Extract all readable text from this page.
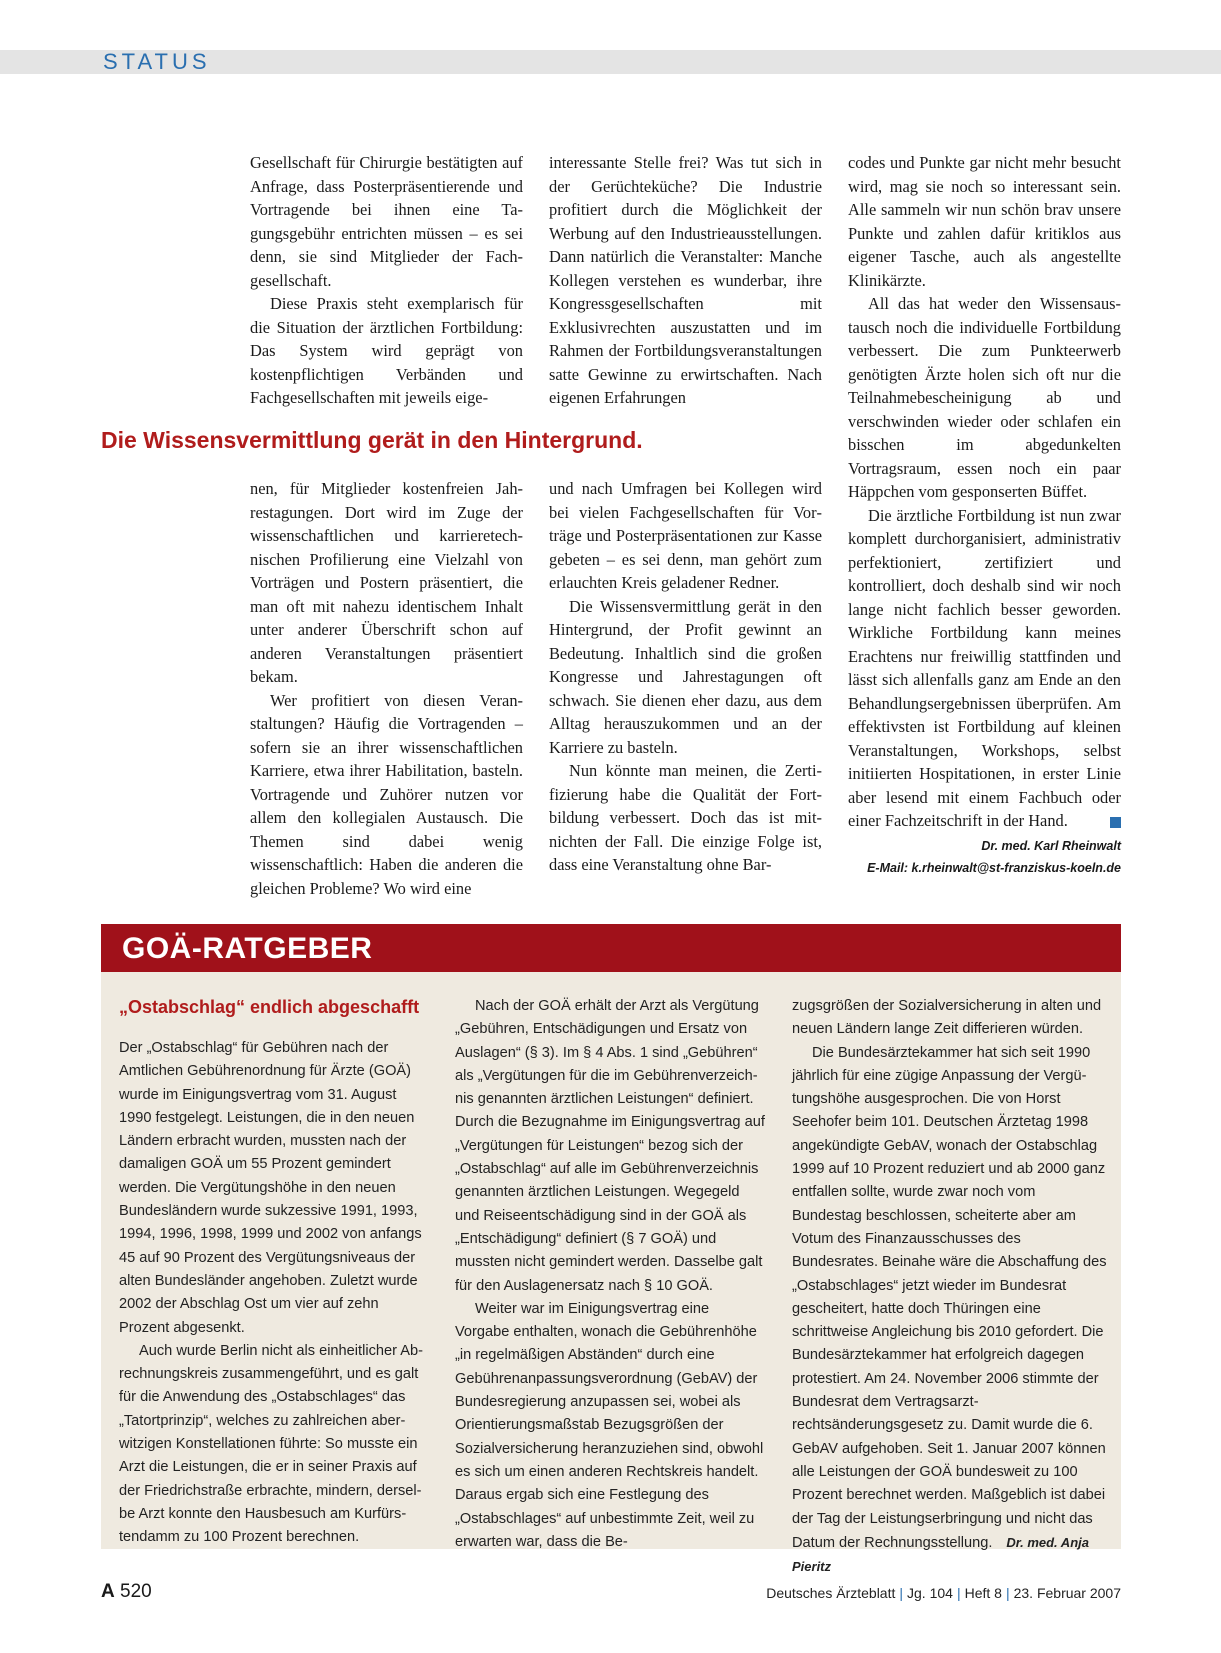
STATUS

Gesellschaft für Chirurgie bestätigten auf Anfrage, dass Posterpräsentierende und Vortragende bei ihnen eine Tagungsgebühr entrichten müssen – es sei denn, sie sind Mitglieder der Fachgesellschaft.

Diese Praxis steht exemplarisch für die Situation der ärztlichen Fortbildung: Das System wird geprägt von kostenpflichtigen Verbänden und Fachgesellschaften mit jeweils eige-

interessante Stelle frei? Was tut sich in der Gerüchteküche? Die Industrie profitiert durch die Möglichkeit der Werbung auf den Industrieausstellungen. Dann natürlich die Veranstalter: Manche Kollegen verstehen es wunderbar, ihre Kongressgesellschaften mit Exklusivrechten auszustatten und im Rahmen der Fortbildungsveranstaltungen satte Gewinne zu erwirtschaften. Nach eigenen Erfahrungen

Die Wissensvermittlung gerät in den Hintergrund.

nen, für Mitglieder kostenfreien Jahrestagungen. Dort wird im Zuge der wissenschaftlichen und karrieretechnischen Profilierung eine Vielzahl von Vorträgen und Postern präsentiert, die man oft mit nahezu identischem Inhalt unter anderer Überschrift schon auf anderen Veranstaltungen präsentiert bekam.

Wer profitiert von diesen Veranstaltungen? Häufig die Vortragenden – sofern sie an ihrer wissenschaftlichen Karriere, etwa ihrer Habilitation, basteln. Vortragende und Zuhörer nutzen vor allem den kollegialen Austausch. Die Themen sind dabei wenig wissenschaftlich: Haben die anderen die gleichen Probleme? Wo wird eine

und nach Umfragen bei Kollegen wird bei vielen Fachgesellschaften für Vorträge und Posterpräsentationen zur Kasse gebeten – es sei denn, man gehört zum erlauchten Kreis geladener Redner.

Die Wissensvermittlung gerät in den Hintergrund, der Profit gewinnt an Bedeutung. Inhaltlich sind die großen Kongresse und Jahrestagungen oft schwach. Sie dienen eher dazu, aus dem Alltag herauszukommen und an der Karriere zu basteln.

Nun könnte man meinen, die Zertifizierung habe die Qualität der Fortbildung verbessert. Doch das ist mitnichten der Fall. Die einzige Folge ist, dass eine Veranstaltung ohne Bar-

codes und Punkte gar nicht mehr besucht wird, mag sie noch so interessant sein. Alle sammeln wir nun schön brav unsere Punkte und zahlen dafür kritiklos aus eigener Tasche, auch als angestellte Klinikärzte.

All das hat weder den Wissensaustausch noch die individuelle Fortbildung verbessert. Die zum Punkteerwerb genötigten Ärzte holen sich oft nur die Teilnahmebescheinigung ab und verschwinden wieder oder schlafen ein bisschen im abgedunkelten Vortragsraum, essen noch ein paar Häppchen vom gesponserten Büffet.

Die ärztliche Fortbildung ist nun zwar komplett durchorganisiert, administrativ perfektioniert, zertifiziert und kontrolliert, doch deshalb sind wir noch lange nicht fachlich besser geworden. Wirkliche Fortbildung kann meines Erachtens nur freiwillig stattfinden und lässt sich allenfalls ganz am Ende an den Behandlungsergebnissen überprüfen. Am effektivsten ist Fortbildung auf kleinen Veranstaltungen, Workshops, selbst initiierten Hospitationen, in erster Linie aber lesend mit einem Fachbuch oder einer Fachzeitschrift in der Hand.

Dr. med. Karl Rheinwalt
E-Mail: k.rheinwalt@st-franziskus-koeln.de
GOÄ-RATGEBER

„Ostabschlag“ endlich abgeschafft

Der „Ostabschlag“ für Gebühren nach der Amtlichen Gebührenordnung für Ärzte (GOÄ) wurde im Einigungsvertrag vom 31. August 1990 festgelegt. Leistungen, die in den neuen Ländern erbracht wurden, mussten nach der damaligen GOÄ um 55 Prozent gemindert werden. Die Vergütungshöhe in den neuen Bundesländern wurde sukzessive 1991, 1993, 1994, 1996, 1998, 1999 und 2002 von anfangs 45 auf 90 Prozent des Vergütungsniveaus der alten Bundesländer angehoben. Zuletzt wurde 2002 der Abschlag Ost um vier auf zehn Prozent abgesenkt.

Auch wurde Berlin nicht als einheitlicher Abrechnungskreis zusammengeführt, und es galt für die Anwendung des „Ostabschlages“ das „Tatortprinzip“, welches zu zahlreichen aberwitzigen Konstellationen führte: So musste ein Arzt die Leistungen, die er in seiner Praxis auf der Friedrichstraße erbrachte, mindern, derselbe Arzt konnte den Hausbesuch am Kurfürstendamm zu 100 Prozent berechnen.

Nach der GOÄ erhält der Arzt als Vergütung „Gebühren, Entschädigungen und Ersatz von Auslagen“ (§ 3). Im § 4 Abs. 1 sind „Gebühren“ als „Vergütungen für die im Gebührenverzeichnis genannten ärztlichen Leistungen“ definiert. Durch die Bezugnahme im Einigungsvertrag auf „Vergütungen für Leistungen“ bezog sich der „Ostabschlag“ auf alle im Gebührenverzeichnis genannten ärztlichen Leistungen. Wegegeld und Reiseentschädigung sind in der GOÄ als „Entschädigung“ definiert (§ 7 GOÄ) und mussten nicht gemindert werden. Dasselbe galt für den Auslagenersatz nach § 10 GOÄ.

Weiter war im Einigungsvertrag eine Vorgabe enthalten, wonach die Gebührenhöhe „in regelmäßigen Abständen“ durch eine Gebührenanpassungsverordnung (GebAV) der Bundesregierung anzupassen sei, wobei als Orientierungsmaßstab Bezugsgrößen der Sozialversicherung heranzuziehen sind, obwohl es sich um einen anderen Rechtskreis handelt. Daraus ergab sich eine Festlegung des „Ostabschlages“ auf unbestimmte Zeit, weil zu erwarten war, dass die Be-

zugsgrößen der Sozialversicherung in alten und neuen Ländern lange Zeit differieren würden.

Die Bundesärztekammer hat sich seit 1990 jährlich für eine zügige Anpassung der Vergütungshöhe ausgesprochen. Die von Horst Seehofer beim 101. Deutschen Ärztetag 1998 angekündigte GebAV, wonach der Ostabschlag 1999 auf 10 Prozent reduziert und ab 2000 ganz entfallen sollte, wurde zwar noch vom Bundestag beschlossen, scheiterte aber am Votum des Finanzausschusses des Bundesrates. Beinahe wäre die Abschaffung des „Ostabschlages“ jetzt wieder im Bundesrat gescheitert, hatte doch Thüringen eine schrittweise Angleichung bis 2010 gefordert. Die Bundesärztekammer hat erfolgreich dagegen protestiert. Am 24. November 2006 stimmte der Bundesrat dem Vertragsarztrechtsänderungsgesetz zu. Damit wurde die 6. GebAV aufgehoben. Seit 1. Januar 2007 können alle Leistungen der GOÄ bundesweit zu 100 Prozent berechnet werden. Maßgeblich ist dabei der Tag der Leistungserbringung und nicht das Datum der Rechnungsstellung. Dr. med. Anja Pieritz

A 520	Deutsches Ärzteblatt | Jg. 104 | Heft 8 | 23. Februar 2007
